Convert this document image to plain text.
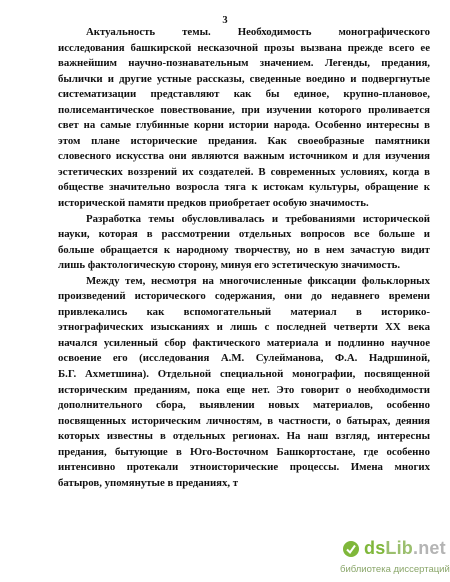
3
Актуальность темы. Необходимость монографического
исследования башкирской несказочной прозы вызвана прежде всего ее
важнейшим научно-познавательным значением. Легенды, предания,
былички и другие устные рассказы, сведенные воедино и подвергнутые
систематизации представляют как бы единое, крупно-плановое,
полисемантическое повествование, при изучении которого проливается
свет на самые глубинные корни истории народа. Особенно интересны в
этом плане исторические предания. Как своеобразные памятники
словесного искусства они являются важным источником и для изучения
эстетических воззрений их создателей. В современных условиях, когда в
обществе значительно возросла тяга к истокам культуры, обращение к
исторической памяти предков приобретает особую значимость.
Разработка темы обусловливалась и требованиями исторической
науки, которая в рассмотрении отдельных вопросов все больше и
больше обращается к народному творчеству, но в нем зачастую видит
лишь фактологическую сторону, минуя его эстетическую значимость.
Между тем, несмотря на многочисленные фиксации фольклорных
произведений исторического содержания, они до недавнего времени
привлекались как вспомогательный материал в историко-
этнографических изысканиях и лишь с последней четверти XX века
начался усиленный сбор фактического материала и подлинно научное
освоение его (исследования А.М. Сулейманова, Ф.А. Надршиной,
Б.Г. Ахметшина). Отдельной специальной монографии, посвященной
историческим преданиям, пока еще нет. Это говорит о необходимости
дополнительного сбора, выявлении новых материалов, особенно
посвященных историческим личностям, в частности, о батырах, деяния
которых известны в отдельных регионах. На наш взгляд, интересны
предания, бытующие в Юго-Восточном Башкортостане, где особенно
интенсивно протекали этноисторические процессы. Имена многих
батыров, упомянутые в преданиях, т
dsLib.net
библиотека диссертаций
